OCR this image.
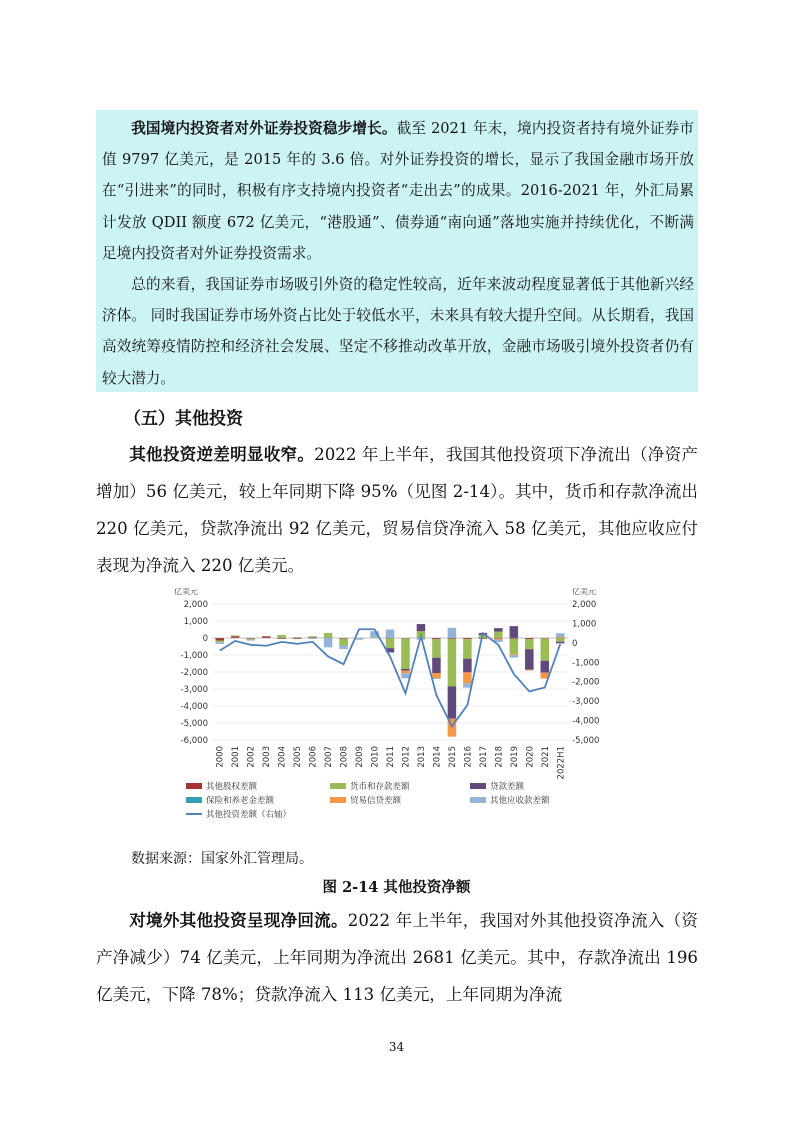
我国境内投资者对外证券投资稳步增长。截至 2021 年末，境内投资者持有境外证券市值 9797 亿美元，是 2015 年的 3.6 倍。对外证券投资的增长，显示了我国金融市场开放在“引进来”的同时，积极有序支持境内投资者“走出去”的成果。2016-2021 年，外汇局累计发放 QDII 额度 672 亿美元，“港股通”、债券通“南向通”落地实施并持续优化，不断满足境内投资者对外证券投资需求。

总的来看，我国证券市场吸引外资的稳定性较高，近年来波动程度显著低于其他新兴经济体。 同时我国证券市场外资占比处于较低水平，未来具有较大提升空间。从长期看，我国高效统筹疫情防控和经济社会发展、坚定不移推动改革开放，金融市场吸引境外投资者仍有较大潜力。

（五）其他投资

其他投资逆差明显收窄。2022 年上半年，我国其他投资项下净流出（净资产增加）56 亿美元，较上年同期下降 95%（见图 2-14）。其中，货币和存款净流出 220 亿美元，贷款净流出 92 亿美元，贸易信贷净流入 58 亿美元，其他应收应付表现为净流入 220 亿美元。

亿美元	亿美元
2,000
1,000
0
-1,000
-2,000
-3,000
-4,000
-5,000
-6,000
2,000
1,000
0
-1,000
-2,000
-3,000
-4,000
-5,000
2000 2001 2002 2003 2004 2005 2006 2007 2008 2009 2010 2011 2012 2013 2014 2015 2016 2017 2018 2019 2020 2021 2022H1
其他股权差额	货币和存款差额	贷款差额
保险和养老金差额	贸易信贷差额	其他应收款差额
其他投资差额（右轴）
数据来源：国家外汇管理局。
图 2-14 其他投资净额

对境外其他投资呈现净回流。2022 年上半年，我国对外其他投资净流入（资产净减少）74 亿美元，上年同期为净流出 2681 亿美元。其中，存款净流出 196 亿美元，下降 78%；贷款净流入 113 亿美元，上年同期为净流

34
